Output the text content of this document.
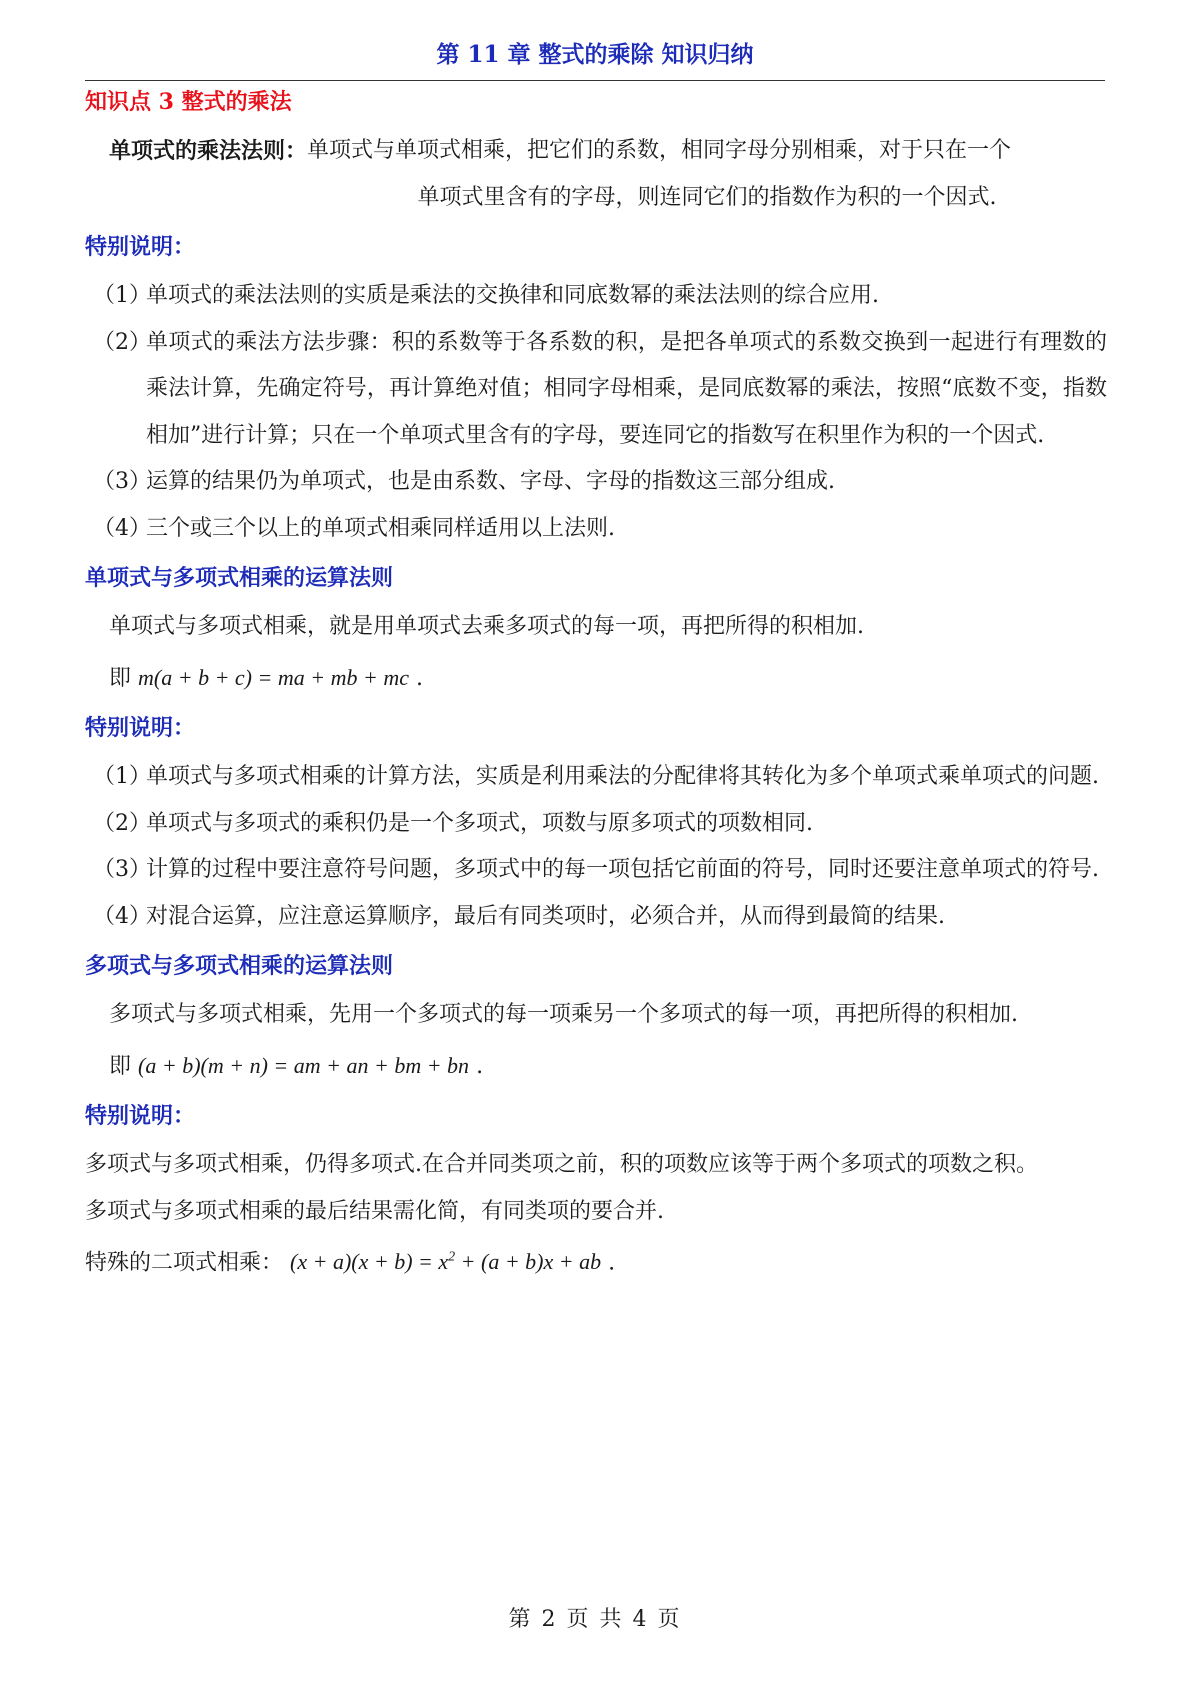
第 11 章 整式的乘除 知识归纳
知识点 3 整式的乘法
单项式的乘法法则： 单项式与单项式相乘，把它们的系数，相同字母分别相乘，对于只在一个
单项式里含有的字母，则连同它们的指数作为积的一个因式.
特别说明：
（1）
单项式的乘法法则的实质是乘法的交换律和同底数幂的乘法法则的综合应用.
（2）
单项式的乘法方法步骤：积的系数等于各系数的积，是把各单项式的系数交换到一起进行有理数的乘法计算，先确定符号，再计算绝对值；相同字母相乘，是同底数幂的乘法，按照“底数不变，指数相加”进行计算；只在一个单项式里含有的字母，要连同它的指数写在积里作为积的一个因式.
（3）
运算的结果仍为单项式，也是由系数、字母、字母的指数这三部分组成.
（4）
三个或三个以上的单项式相乘同样适用以上法则.
单项式与多项式相乘的运算法则
单项式与多项式相乘，就是用单项式去乘多项式的每一项，再把所得的积相加.
即 m(a + b + c) = ma + mb + mc .
特别说明：
（1）
单项式与多项式相乘的计算方法，实质是利用乘法的分配律将其转化为多个单项式乘单项式的问题.
（2）
单项式与多项式的乘积仍是一个多项式，项数与原多项式的项数相同.
（3）
计算的过程中要注意符号问题，多项式中的每一项包括它前面的符号，同时还要注意单项式的符号.
（4）
对混合运算，应注意运算顺序，最后有同类项时，必须合并，从而得到最简的结果.
多项式与多项式相乘的运算法则
多项式与多项式相乘，先用一个多项式的每一项乘另一个多项式的每一项，再把所得的积相加.
即 (a + b)(m + n) = am + an + bm + bn .
特别说明：
多项式与多项式相乘，仍得多项式.在合并同类项之前，积的项数应该等于两个多项式的项数之积。
多项式与多项式相乘的最后结果需化简，有同类项的要合并.
特殊的二项式相乘： $(x + a)(x + b) = x^2 + (a + b)x$ + ab .
第 2 页 共 4 页
